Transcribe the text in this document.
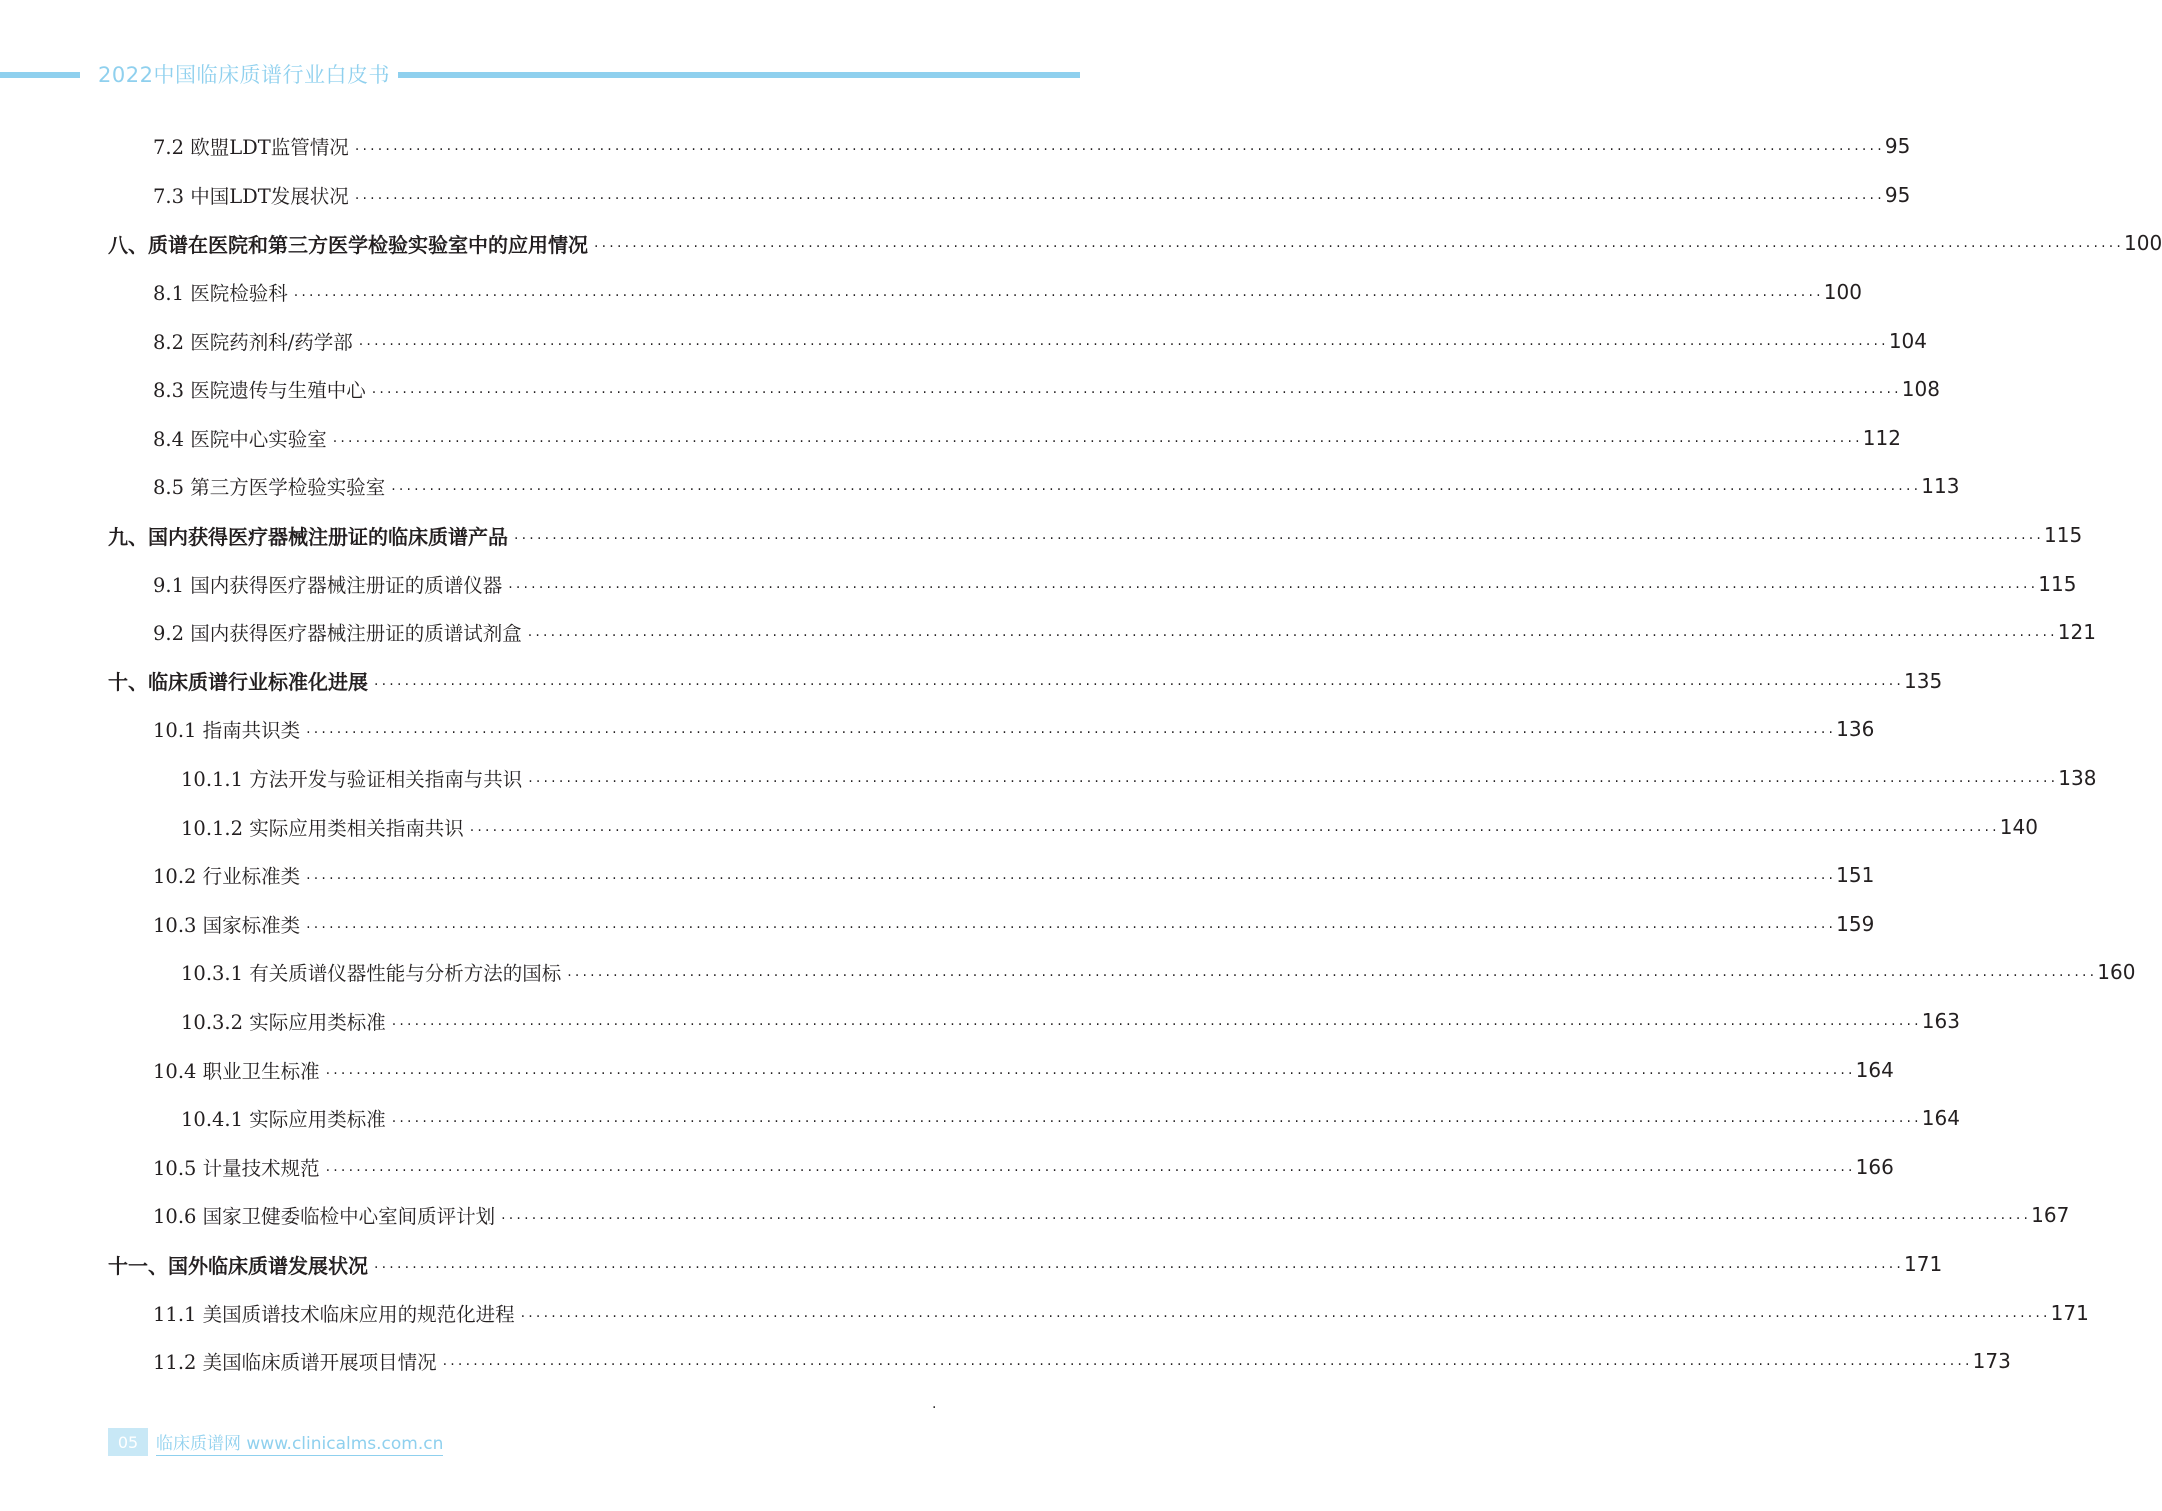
2022中国临床质谱行业白皮书
7.2 欧盟LDT监管情况 ........................................................................................................................................................................................................ 95
7.3 中国LDT发展状况 ........................................................................................................................................................................................................ 95
八、质谱在医院和第三方医学检验实验室中的应用情况 ........................................................................................................................................................................................................ 100
8.1 医院检验科 ........................................................................................................................................................................................................ 100
8.2 医院药剂科/药学部 ........................................................................................................................................................................................................ 104
8.3 医院遗传与生殖中心 ........................................................................................................................................................................................................ 108
8.4 医院中心实验室 ........................................................................................................................................................................................................ 112
8.5 第三方医学检验实验室 ........................................................................................................................................................................................................ 113
九、国内获得医疗器械注册证的临床质谱产品 ........................................................................................................................................................................................................ 115
9.1 国内获得医疗器械注册证的质谱仪器 ........................................................................................................................................................................................................ 115
9.2 国内获得医疗器械注册证的质谱试剂盒 ........................................................................................................................................................................................................ 121
十、临床质谱行业标准化进展 ........................................................................................................................................................................................................ 135
10.1 指南共识类 ........................................................................................................................................................................................................ 136
10.1.1 方法开发与验证相关指南与共识 ........................................................................................................................................................................................................ 138
10.1.2 实际应用类相关指南共识 ........................................................................................................................................................................................................ 140
10.2 行业标准类 ........................................................................................................................................................................................................ 151
10.3 国家标准类 ........................................................................................................................................................................................................ 159
10.3.1 有关质谱仪器性能与分析方法的国标 ........................................................................................................................................................................................................ 160
10.3.2 实际应用类标准 ........................................................................................................................................................................................................ 163
10.4 职业卫生标准 ........................................................................................................................................................................................................ 164
10.4.1 实际应用类标准 ........................................................................................................................................................................................................ 164
10.5 计量技术规范 ........................................................................................................................................................................................................ 166
10.6 国家卫健委临检中心室间质评计划 ........................................................................................................................................................................................................ 167
十一、国外临床质谱发展状况 ........................................................................................................................................................................................................ 171
11.1 美国质谱技术临床应用的规范化进程 ........................................................................................................................................................................................................ 171
11.2 美国临床质谱开展项目情况 ........................................................................................................................................................................................................ 173
·
05	临床质谱网 www.clinicalms.com.cn
